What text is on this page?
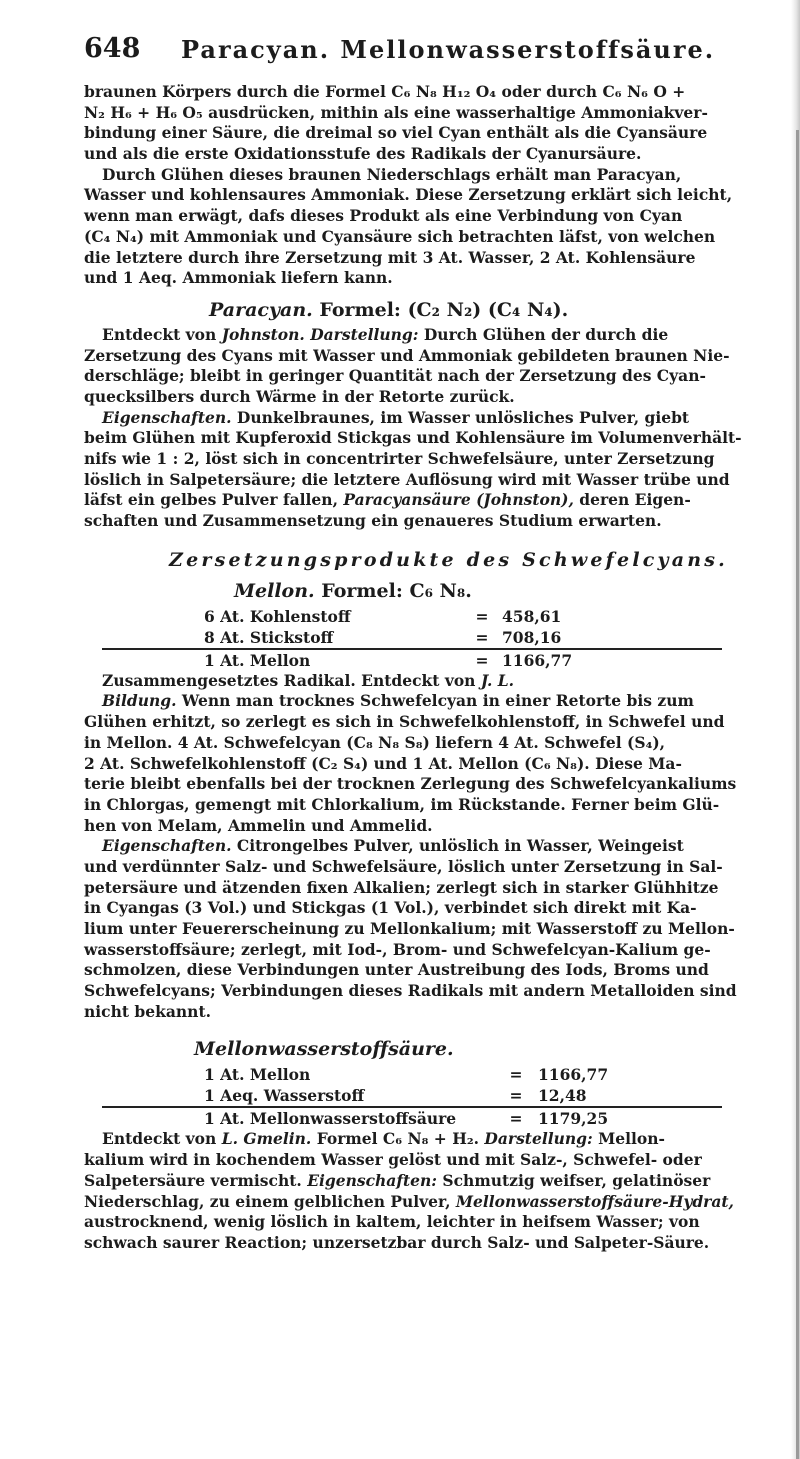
648 Paracyan. Mellonwasserstoffsäure.
braunen Körpers durch die Formel C₆ N₈ H₁₂ O₄ oder durch C₆ N₆ O +
N₂ H₆ + H₆ O₅ ausdrücken, mithin als eine wasserhaltige Ammoniakver-
bindung einer Säure, die dreimal so viel Cyan enthält als die Cyansäure
und als die erste Oxidationsstufe des Radikals der Cyanursäure.
Durch Glühen dieses braunen Niederschlags erhält man Paracyan,
Wasser und kohlensaures Ammoniak. Diese Zersetzung erklärt sich leicht,
wenn man erwägt, dafs dieses Produkt als eine Verbindung von Cyan
(C₄ N₄) mit Ammoniak und Cyansäure sich betrachten läfst, von welchen
die letztere durch ihre Zersetzung mit 3 At. Wasser, 2 At. Kohlensäure
und 1 Aeq. Ammoniak liefern kann.
Paracyan. Formel: (C₂ N₂) (C₄ N₄).
Entdeckt von Johnston. Darstellung: Durch Glühen der durch die
Zersetzung des Cyans mit Wasser und Ammoniak gebildeten braunen Nie-
derschläge; bleibt in geringer Quantität nach der Zersetzung des Cyan-
quecksilbers durch Wärme in der Retorte zurück.
Eigenschaften. Dunkelbraunes, im Wasser unlösliches Pulver, giebt
beim Glühen mit Kupferoxid Stickgas und Kohlensäure im Volumenverhält-
nifs wie 1 : 2, löst sich in concentrirter Schwefelsäure, unter Zersetzung
löslich in Salpetersäure; die letztere Auflösung wird mit Wasser trübe und
läfst ein gelbes Pulver fallen, Paracyansäure (Johnston), deren Eigen-
schaften und Zusammensetzung ein genaueres Studium erwarten.
Zersetzungsprodukte des Schwefelcyans.
Mellon. Formel: C₆ N₈.
6 At. Kohlenstoff	= 458,61
8 At. Stickstoff	= 708,16
1 At. Mellon	= 1166,77
Zusammengesetztes Radikal. Entdeckt von J. L.
Bildung. Wenn man trocknes Schwefelcyan in einer Retorte bis zum
Glühen erhitzt, so zerlegt es sich in Schwefelkohlenstoff, in Schwefel und
in Mellon. 4 At. Schwefelcyan (C₈ N₈ S₈) liefern 4 At. Schwefel (S₄),
2 At. Schwefelkohlenstoff (C₂ S₄) und 1 At. Mellon (C₆ N₈). Diese Ma-
terie bleibt ebenfalls bei der trocknen Zerlegung des Schwefelcyankaliums
in Chlorgas, gemengt mit Chlorkalium, im Rückstande. Ferner beim Glü-
hen von Melam, Ammelin und Ammelid.
Eigenschaften. Citrongelbes Pulver, unlöslich in Wasser, Weingeist
und verdünnter Salz- und Schwefelsäure, löslich unter Zersetzung in Sal-
petersäure und ätzenden fixen Alkalien; zerlegt sich in starker Glühhitze
in Cyangas (3 Vol.) und Stickgas (1 Vol.), verbindet sich direkt mit Ka-
lium unter Feuererscheinung zu Mellonkalium; mit Wasserstoff zu Mellon-
wasserstoffsäure; zerlegt, mit Iod-, Brom- und Schwefelcyan-Kalium ge-
schmolzen, diese Verbindungen unter Austreibung des Iods, Broms und
Schwefelcyans; Verbindungen dieses Radikals mit andern Metalloiden sind
nicht bekannt.
Mellonwasserstoffsäure.
1 At. Mellon	=	1166,77
1 Aeq. Wasserstoff	=	12,48
1 At. Mellonwasserstoffsäure	=	1179,25
Entdeckt von L. Gmelin. Formel C₆ N₈ + H₂. Darstellung: Mellon-
kalium wird in kochendem Wasser gelöst und mit Salz-, Schwefel- oder
Salpetersäure vermischt. Eigenschaften: Schmutzig weifser, gelatinöser
Niederschlag, zu einem gelblichen Pulver, Mellonwasserstoffsäure-Hydrat,
austrocknend, wenig löslich in kaltem, leichter in heifsem Wasser; von
schwach saurer Reaction; unzersetzbar durch Salz- und Salpeter-Säure.
